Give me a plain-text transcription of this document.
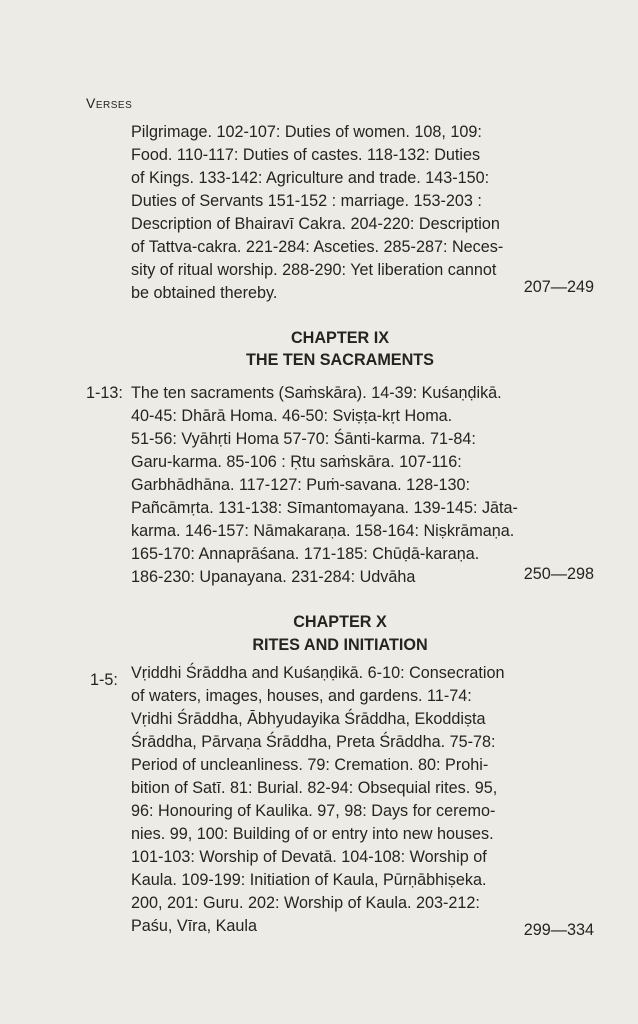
Verses
Pilgrimage. 102-107: Duties of women. 108, 109:
Food. 110-117: Duties of castes. 118-132: Duties
of Kings. 133-142: Agriculture and trade. 143-150:
Duties of Servants 151-152 : marriage. 153-203 :
Description of Bhairavī Cakra. 204-220: Description
of Tattva-cakra. 221-284: Asceties. 285-287: Neces-
sity of ritual worship. 288-290: Yet liberation cannot
be obtained thereby.	207—249
CHAPTER IX
THE TEN SACRAMENTS
1-13: The ten sacraments (Saṁskāra). 14-39: Kuśaṇḍikā.
40-45: Dhārā Homa. 46-50: Sviṣṭa-kṛt Homa.
51-56: Vyāhṛti Homa 57-70: Śānti-karma. 71-84:
Garu-karma. 85-106 : Ṛtu saṁskāra. 107-116:
Garbhādhāna. 117-127: Puṁ-savana. 128-130:
Pañcāmṛta. 131-138: Sīmantomayana. 139-145: Jāta-
karma. 146-157: Nāmakaraṇa. 158-164: Niṣkrāmaṇa.
165-170: Annaprāśana. 171-185: Chūḍā-karaṇa.
186-230: Upanayana. 231-284: Udvāha	250—298
CHAPTER X
RITES AND INITIATION
1-5: Vṛiddhi Śrāddha and Kuśaṇḍikā. 6-10: Consecration
of waters, images, houses, and gardens. 11-74:
Vṛidhi Śrāddha, Ābhyudayika Śrāddha, Ekoddiṣta
Śrāddha, Pārvaṇa Śrāddha, Preta Śrāddha. 75-78:
Period of uncleanliness. 79: Cremation. 80: Prohi-
bition of Satī. 81: Burial. 82-94: Obsequial rites. 95,
96: Honouring of Kaulika. 97, 98: Days for ceremo-
nies. 99, 100: Building of or entry into new houses.
101-103: Worship of Devatā. 104-108: Worship of
Kaula. 109-199: Initiation of Kaula, Pūrṇābhiṣeka.
200, 201: Guru. 202: Worship of Kaula. 203-212:
Paśu, Vīra, Kaula	299—334
